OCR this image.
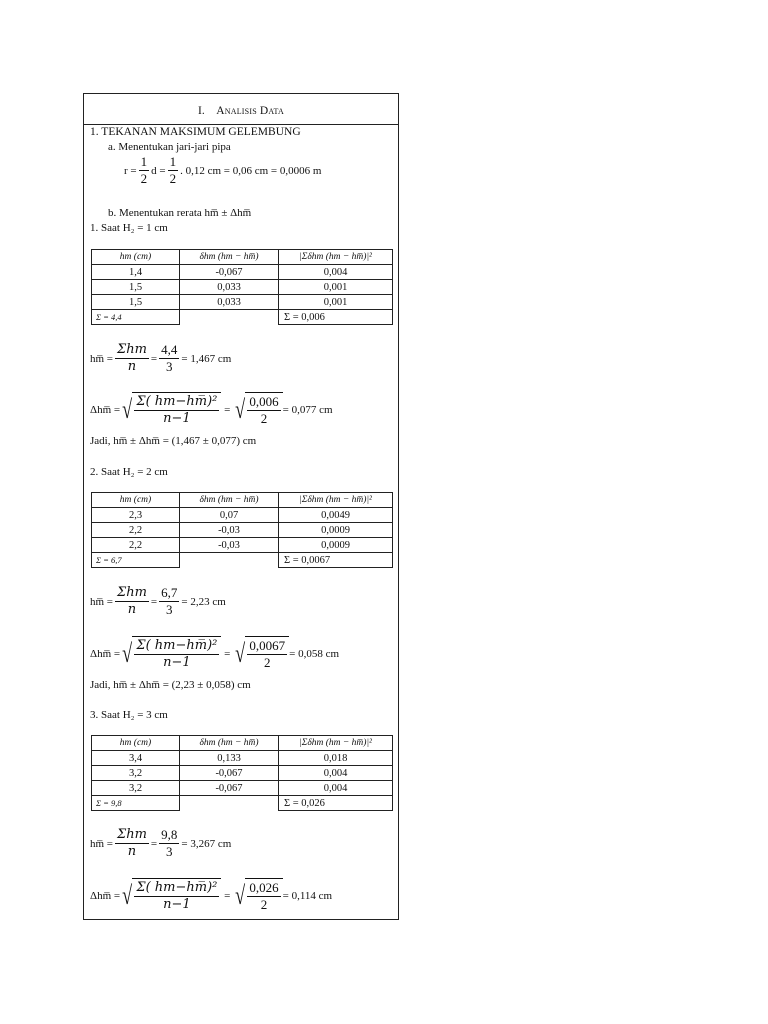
I. Analisis Data
1. TEKANAN MAKSIMUM GELEMBUNG
a. Menentukan jari-jari pipa
$r = \frac{1}{2}$ $d = \frac{1}{2}$ . 0,12 cm = 0,06 cm = 0,0006 m
b. Menentukan rerata hm̅ ± Δhm̅
1. Saat H₂ = 1 cm
hm (cm)	δhm (hm − hm̅)	|Σδhm (hm − hm̅)|²
1,4	-0,067	0,004
1,5	0,033	0,001
1,5	0,033	0,001
Σ = 4,4		Σ = 0,006
hm̅ = $\frac{\text{Σhm}}{n} = \frac{4,4}{3} = 1,467$ cm
Δhm̅ = √ $\frac{\text{Σ( hm−h̅m̅)²}}{n-1}$ = √ $\frac{0,006}{2} = 0,077$ cm
Jadi, hm̅ ± Δhm̅ = (1,467 ± 0,077) cm
2. Saat H₂ = 2 cm
hm (cm)	δhm (hm − hm̅)	|Σδhm (hm − hm̅)|²
2,3	0,07	0,0049
2,2	-0,03	0,0009
2,2	-0,03	0,0009
Σ = 6,7		Σ = 0,0067
hm̅ = $\frac{\text{Σhm}}{n} = \frac{6,7}{3} = 2,23$ cm
Δhm̅ = √ $\frac{\text{Σ( hm−h̅m̅)²}}{n-1}$ = √ $\frac{0,0067}{2} = 0,058$ cm
Jadi, hm̅ ± Δhm̅ = (2,23 ± 0,058) cm
3. Saat H₂ = 3 cm
hm (cm)	δhm (hm − hm̅)	|Σδhm (hm − hm̅)|²
3,4	0,133	0,018
3,2	-0,067	0,004
3,2	-0,067	0,004
Σ = 9,8		Σ = 0,026
hm̅ = $\frac{\text{Σhm}}{n} = \frac{9,8}{3} = 3,267$ cm
Δhm̅ = √ $\frac{\text{Σ( hm−h̅m̅)²}}{n-1}$ = √ $\frac{0,026}{2} = 0,114$ cm
